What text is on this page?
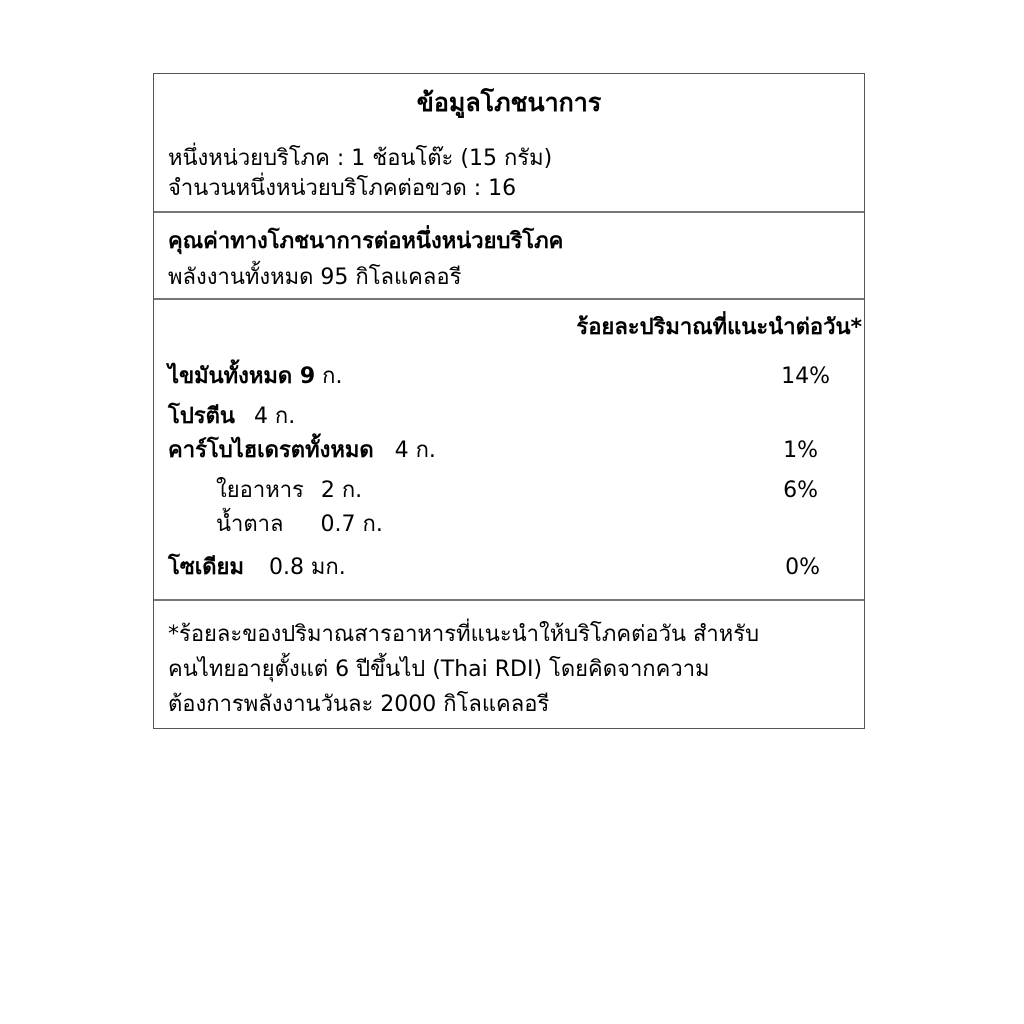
ข้อมูลโภชนาการ
หนึ่งหน่วยบริโภค : 1 ช้อนโต๊ะ (15 กรัม)
จำนวนหนึ่งหน่วยบริโภคต่อขวด : 16
คุณค่าทางโภชนาการต่อหนึ่งหน่วยบริโภค
พลังงานทั้งหมด 95 กิโลแคลอรี
ร้อยละปริมาณที่แนะนำต่อวัน*
ไขมันทั้งหมด 9 ก.	14%
โปรตีน 4 ก.
คาร์โบไฮเดรตทั้งหมด 4 ก.	1%
ใยอาหาร 2 ก.	6%
น้ำตาล 0.7 ก.
โซเดียม 0.8 มก.	0%
*ร้อยละของปริมาณสารอาหารที่แนะนำให้บริโภคต่อวัน สำหรับ
คนไทยอายุตั้งแต่ 6 ปีขึ้นไป (Thai RDI) โดยคิดจากความ
ต้องการพลังงานวันละ 2000 กิโลแคลอรี
